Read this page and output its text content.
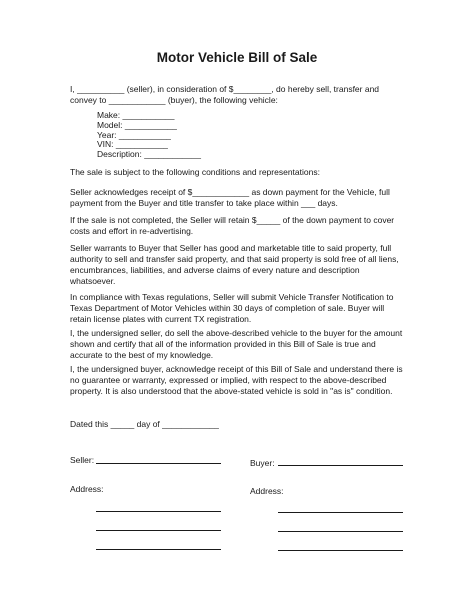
Motor Vehicle Bill of Sale
I, __________ (seller), in consideration of $________, do hereby sell, transfer and
convey to ____________ (buyer), the following vehicle:
Make: ___________
Model: ___________
Year: ___________
VIN: ___________
Description: ____________
The sale is subject to the following conditions and representations:
Seller acknowledges receipt of $____________ as down payment for the Vehicle, full
payment from the Buyer and title transfer to take place within ___ days.
If the sale is not completed, the Seller will retain $_____ of the down payment to cover
costs and effort in re-advertising.
Seller warrants to Buyer that Seller has good and marketable title to said property, full
authority to sell and transfer said property, and that said property is sold free of all liens,
encumbrances, liabilities, and adverse claims of every nature and description
whatsoever.
In compliance with Texas regulations, Seller will submit Vehicle Transfer Notification to
Texas Department of Motor Vehicles within 30 days of completion of sale. Buyer will
retain license plates with current TX registration.
I, the undersigned seller, do sell the above-described vehicle to the buyer for the amount
shown and certify that all of the information provided in this Bill of Sale is true and
accurate to the best of my knowledge.
I, the undersigned buyer, acknowledge receipt of this Bill of Sale and understand there is
no guarantee or warranty, expressed or implied, with respect to the above-described
property. It is also understood that the above-stated vehicle is sold in "as is" condition.
Dated this _____ day of ____________
Seller:	Buyer:
Address:	Address:
